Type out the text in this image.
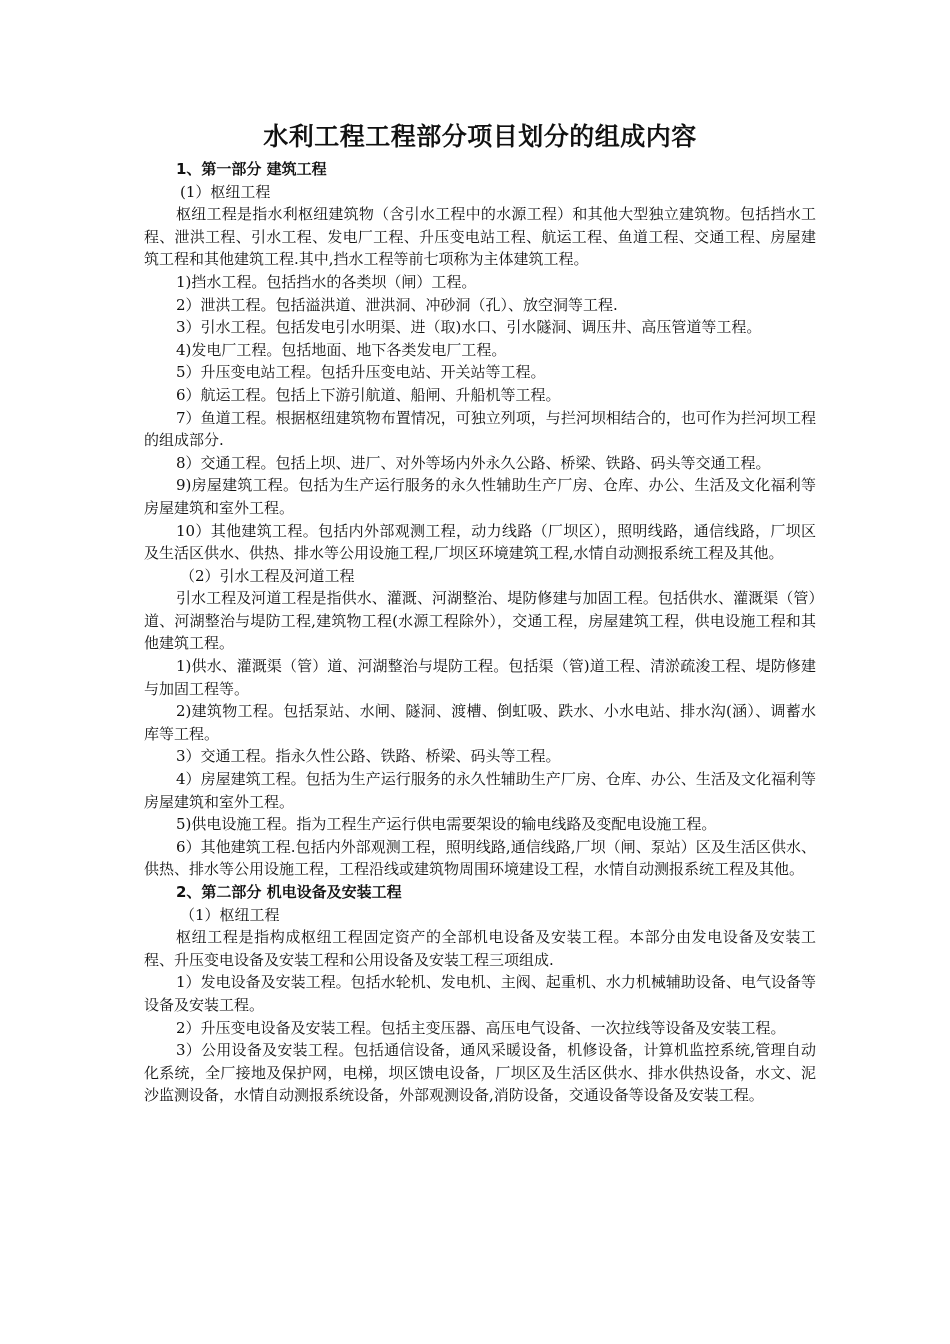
水利工程工程部分项目划分的组成内容

1、第一部分 建筑工程

(1）枢纽工程

枢纽工程是指水利枢纽建筑物（含引水工程中的水源工程）和其他大型独立建筑物。包括挡水工程、泄洪工程、引水工程、发电厂工程、升压变电站工程、航运工程、鱼道工程、交通工程、房屋建筑工程和其他建筑工程.其中,挡水工程等前七项称为主体建筑工程。

1)挡水工程。包括挡水的各类坝（闸）工程。

2）泄洪工程。包括溢洪道、泄洪洞、冲砂洞（孔）、放空洞等工程.

3）引水工程。包括发电引水明渠、进（取)水口、引水隧洞、调压井、高压管道等工程。

4)发电厂工程。包括地面、地下各类发电厂工程。

5）升压变电站工程。包括升压变电站、开关站等工程。

6）航运工程。包括上下游引航道、船闸、升船机等工程。

7）鱼道工程。根据枢纽建筑物布置情况，可独立列项，与拦河坝相结合的，也可作为拦河坝工程的组成部分.

8）交通工程。包括上坝、进厂、对外等场内外永久公路、桥梁、铁路、码头等交通工程。

9)房屋建筑工程。包括为生产运行服务的永久性辅助生产厂房、仓库、办公、生活及文化福利等房屋建筑和室外工程。

10）其他建筑工程。包括内外部观测工程，动力线路（厂坝区），照明线路，通信线路，厂坝区及生活区供水、供热、排水等公用设施工程,厂坝区环境建筑工程,水情自动测报系统工程及其他。

（2）引水工程及河道工程

引水工程及河道工程是指供水、灌溉、河湖整治、堤防修建与加固工程。包括供水、灌溉渠（管）道、河湖整治与堤防工程,建筑物工程(水源工程除外），交通工程，房屋建筑工程，供电设施工程和其他建筑工程。

1)供水、灌溉渠（管）道、河湖整治与堤防工程。包括渠（管)道工程、清淤疏浚工程、堤防修建与加固工程等。

2)建筑物工程。包括泵站、水闸、隧洞、渡槽、倒虹吸、跌水、小水电站、排水沟(涵）、调蓄水库等工程。

3）交通工程。指永久性公路、铁路、桥梁、码头等工程。

4）房屋建筑工程。包括为生产运行服务的永久性辅助生产厂房、仓库、办公、生活及文化福利等房屋建筑和室外工程。

5)供电设施工程。指为工程生产运行供电需要架设的输电线路及变配电设施工程。

6）其他建筑工程.包括内外部观测工程，照明线路,通信线路,厂坝（闸、泵站）区及生活区供水、供热、排水等公用设施工程，工程沿线或建筑物周围环境建设工程，水情自动测报系统工程及其他。

2、第二部分 机电设备及安装工程

（1）枢纽工程

枢纽工程是指构成枢纽工程固定资产的全部机电设备及安装工程。本部分由发电设备及安装工程、升压变电设备及安装工程和公用设备及安装工程三项组成.

1）发电设备及安装工程。包括水轮机、发电机、主阀、起重机、水力机械辅助设备、电气设备等设备及安装工程。

2）升压变电设备及安装工程。包括主变压器、高压电气设备、一次拉线等设备及安装工程。

3）公用设备及安装工程。包括通信设备，通风采暖设备，机修设备，计算机监控系统,管理自动化系统，全厂接地及保护网，电梯，坝区馈电设备，厂坝区及生活区供水、排水供热设备，水文、泥沙监测设备，水情自动测报系统设备，外部观测设备,消防设备，交通设备等设备及安装工程。
